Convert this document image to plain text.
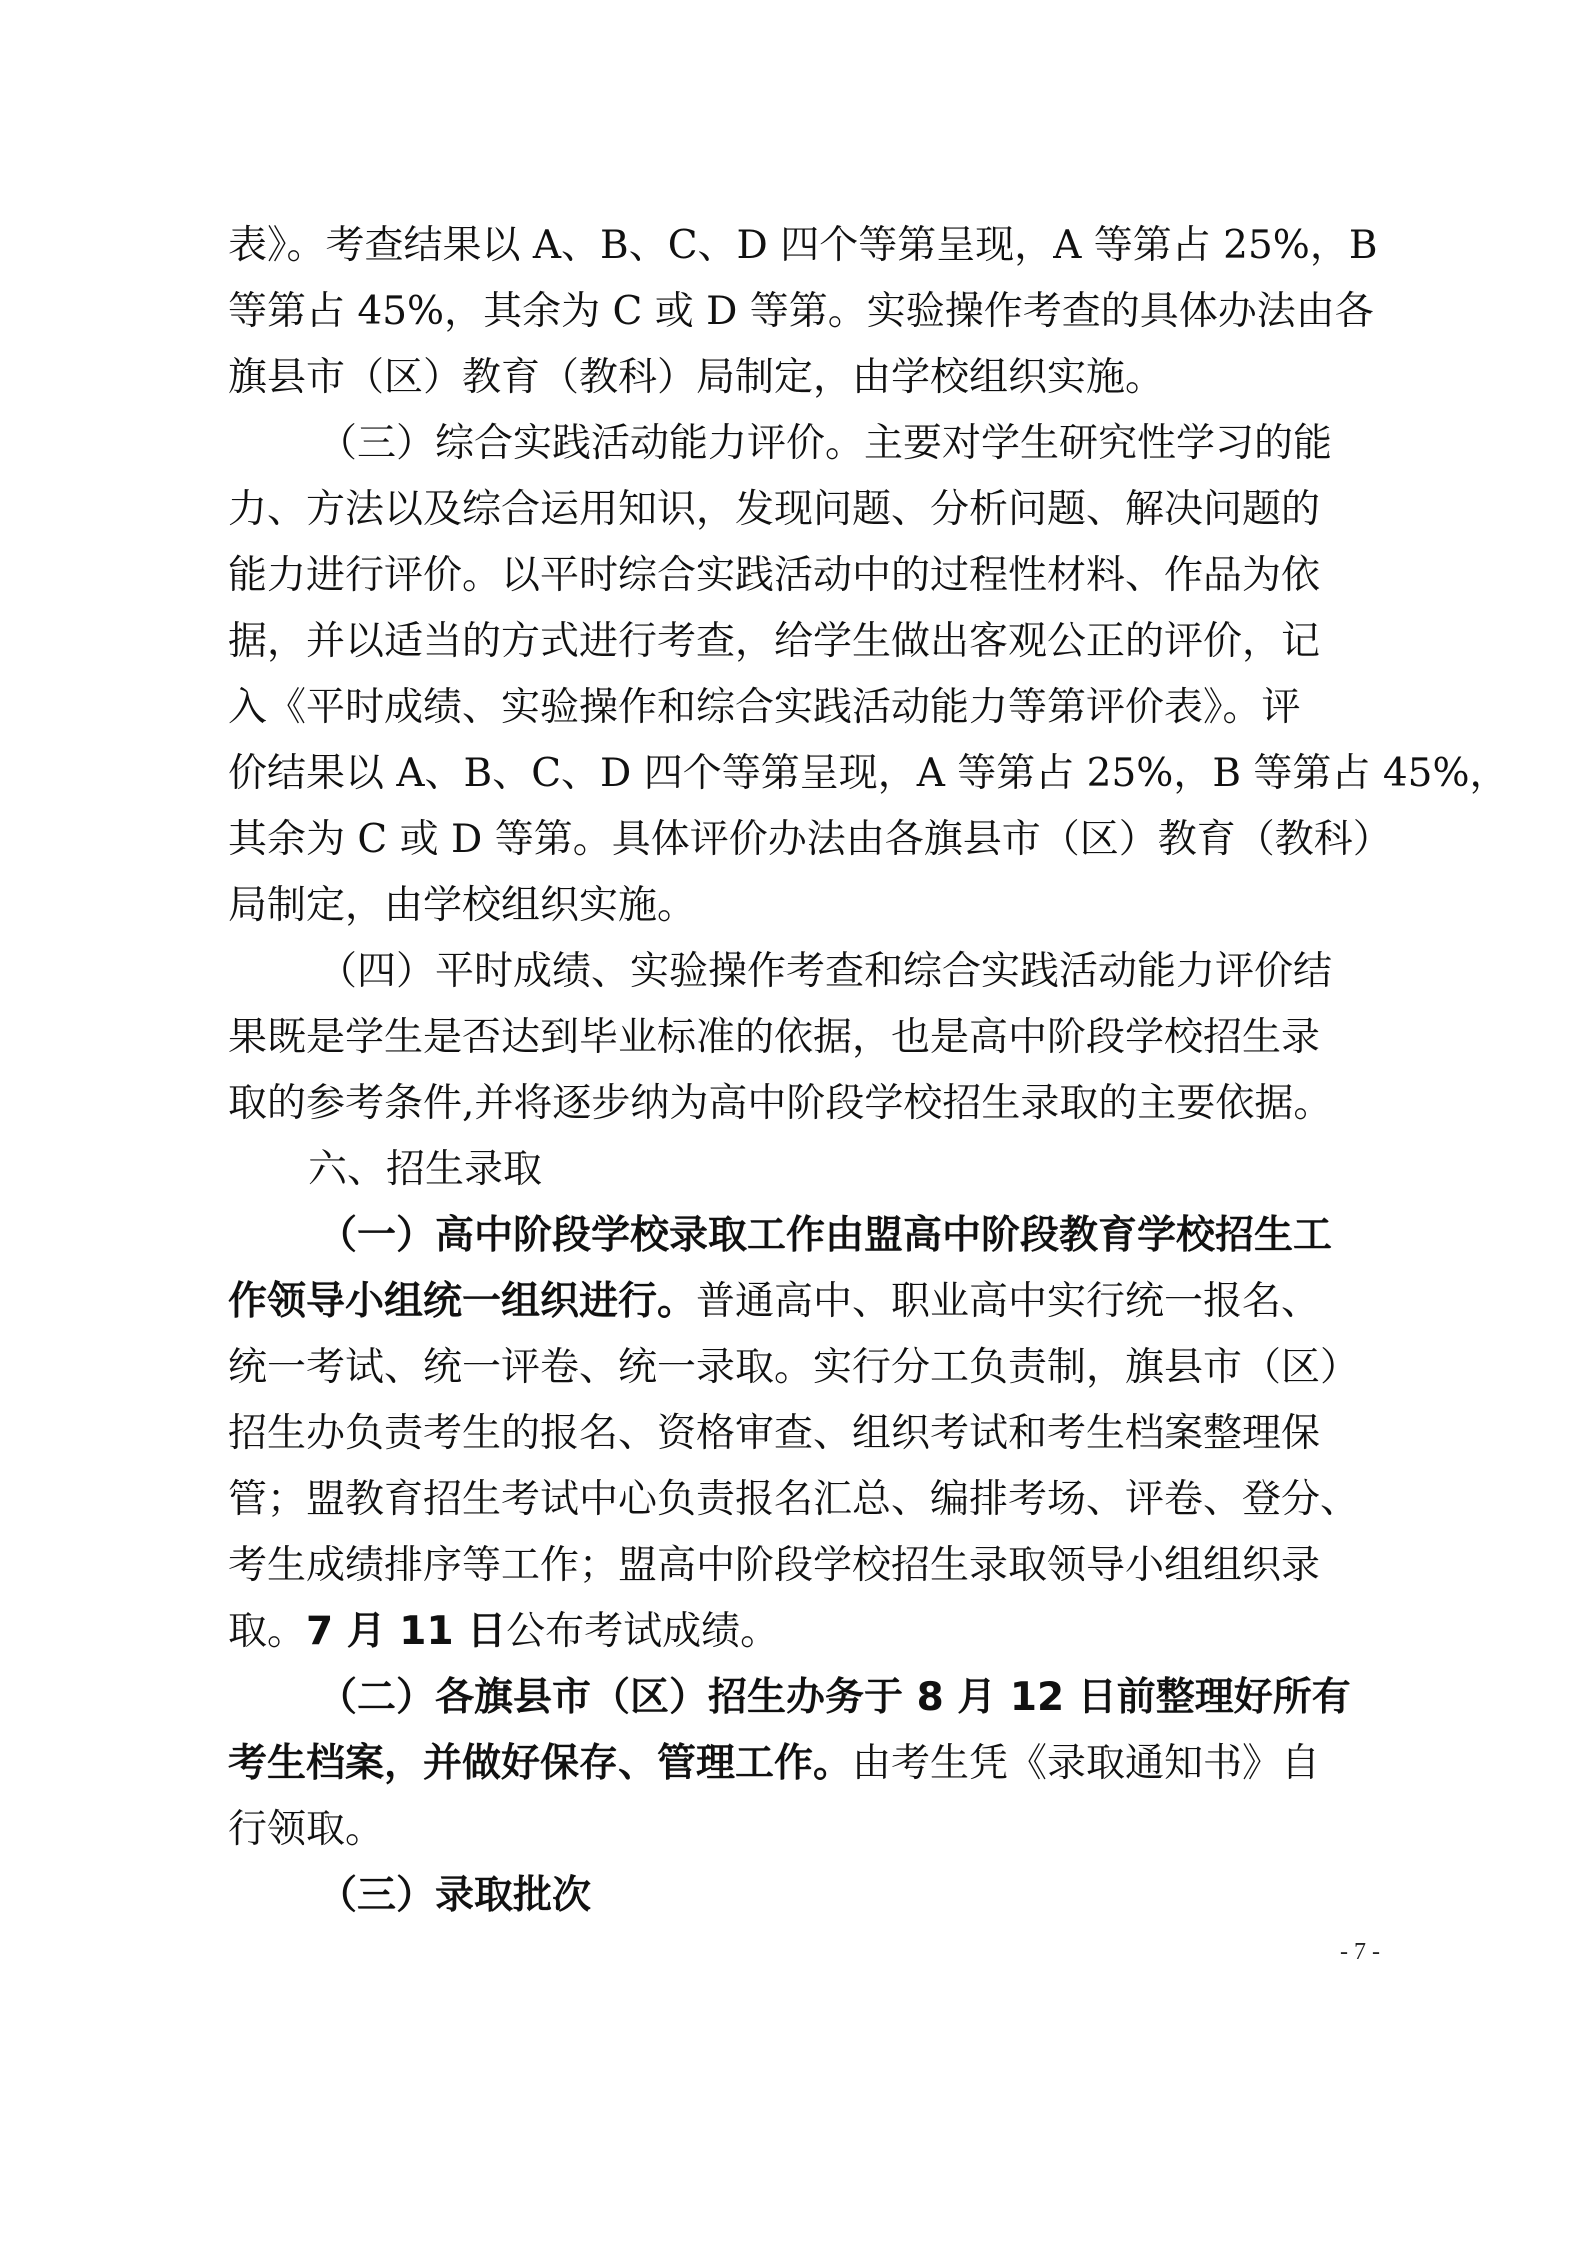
表》。考查结果以 A、B、C、D 四个等第呈现，A 等第占 25%，B
等第占 45%，其余为 C 或 D 等第。实验操作考查的具体办法由各
旗县市（区）教育（教科）局制定，由学校组织实施。
（三）综合实践活动能力评价。主要对学生研究性学习的能
力、方法以及综合运用知识，发现问题、分析问题、解决问题的
能力进行评价。以平时综合实践活动中的过程性材料、作品为依
据，并以适当的方式进行考查，给学生做出客观公正的评价，记
入《平时成绩、实验操作和综合实践活动能力等第评价表》。评
价结果以 A、B、C、D 四个等第呈现，A 等第占 25%，B 等第占 45%，
其余为 C 或 D 等第。具体评价办法由各旗县市（区）教育（教科）
局制定，由学校组织实施。
（四）平时成绩、实验操作考查和综合实践活动能力评价结
果既是学生是否达到毕业标准的依据，也是高中阶段学校招生录
取的参考条件,并将逐步纳为高中阶段学校招生录取的主要依据。
六、招生录取
（一）高中阶段学校录取工作由盟高中阶段教育学校招生工
作领导小组统一组织进行。 普通高中、职业高中实行统一报名、
统一考试、统一评卷、统一录取。实行分工负责制，旗县市（区）
招生办负责考生的报名、资格审查、组织考试和考生档案整理保
管；盟教育招生考试中心负责报名汇总、编排考场、评卷、登分、
考生成绩排序等工作；盟高中阶段学校招生录取领导小组组织录
取。 7 月 11 日 公布考试成绩。
（二）各旗县市（区）招生办务于 8 月 12 日前整理好所有
考生档案，并做好保存、管理工作。 由考生凭《录取通知书》自
行领取。
（三）录取批次
- 7 -
